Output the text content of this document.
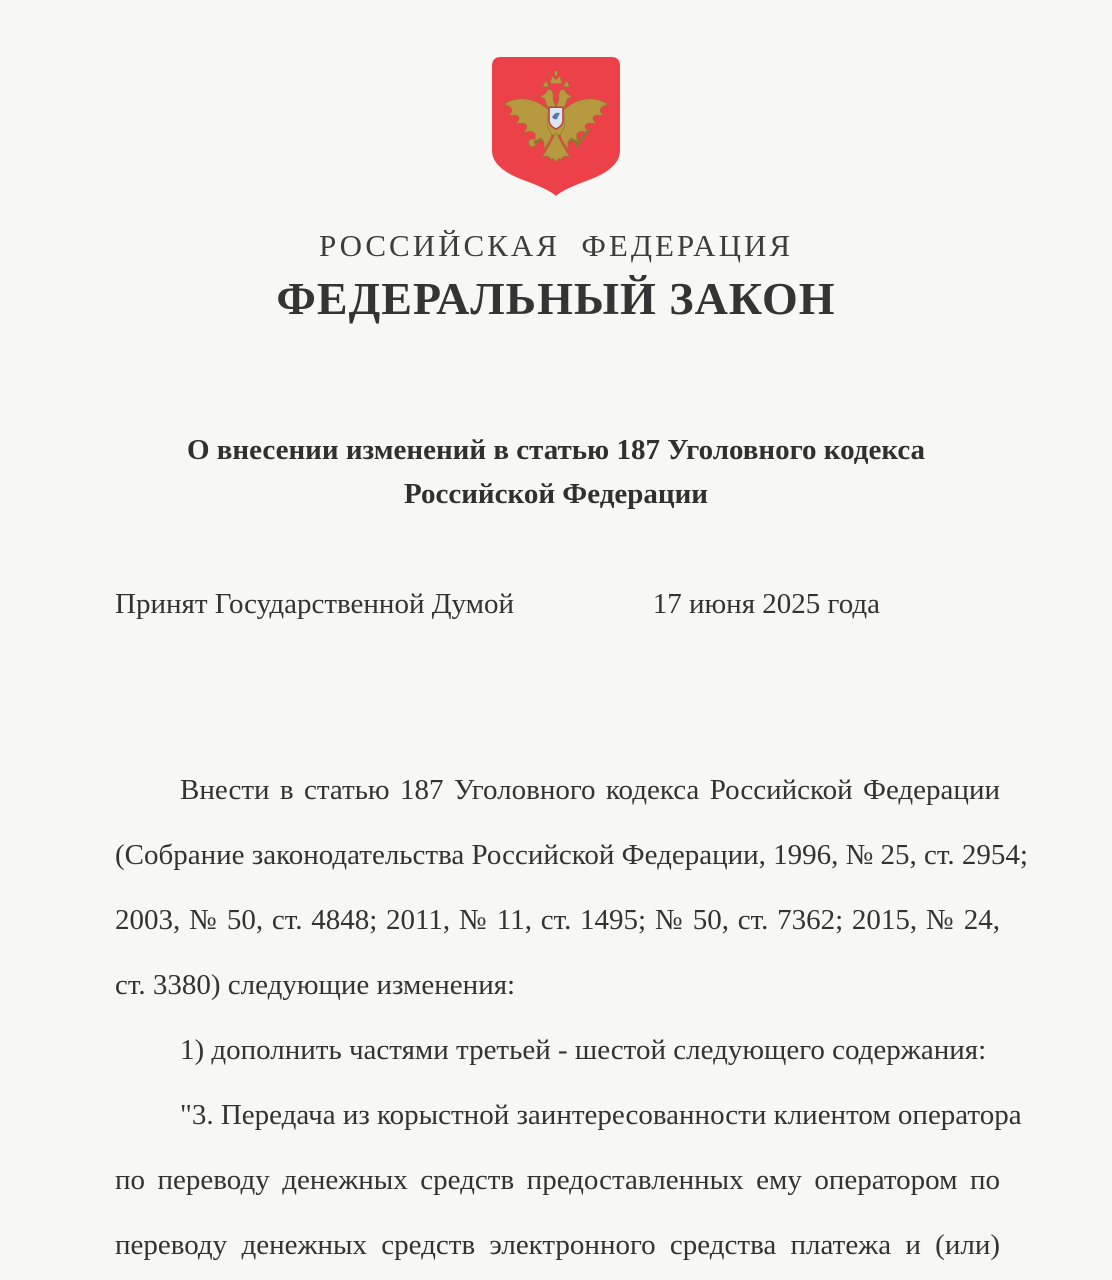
РОССИЙСКАЯ  ФЕДЕРАЦИЯ
ФЕДЕРАЛЬНЫЙ ЗАКОН
О внесении изменений в статью 187 Уголовного кодекса
Российской Федерации
Принят Государственной Думой	17 июня 2025 года
Внести в статью 187 Уголовного кодекса Российской Федерации
(Собрание законодательства Российской Федерации, 1996, № 25, ст. 2954;
2003, № 50, ст. 4848; 2011, № 11, ст. 1495; № 50, ст. 7362; 2015, № 24,
ст. 3380) следующие изменения:
1) дополнить частями третьей - шестой следующего содержания:
"3. Передача из корыстной заинтересованности клиентом оператора
по переводу денежных средств предоставленных ему оператором по
переводу денежных средств электронного средства платежа и (или)
